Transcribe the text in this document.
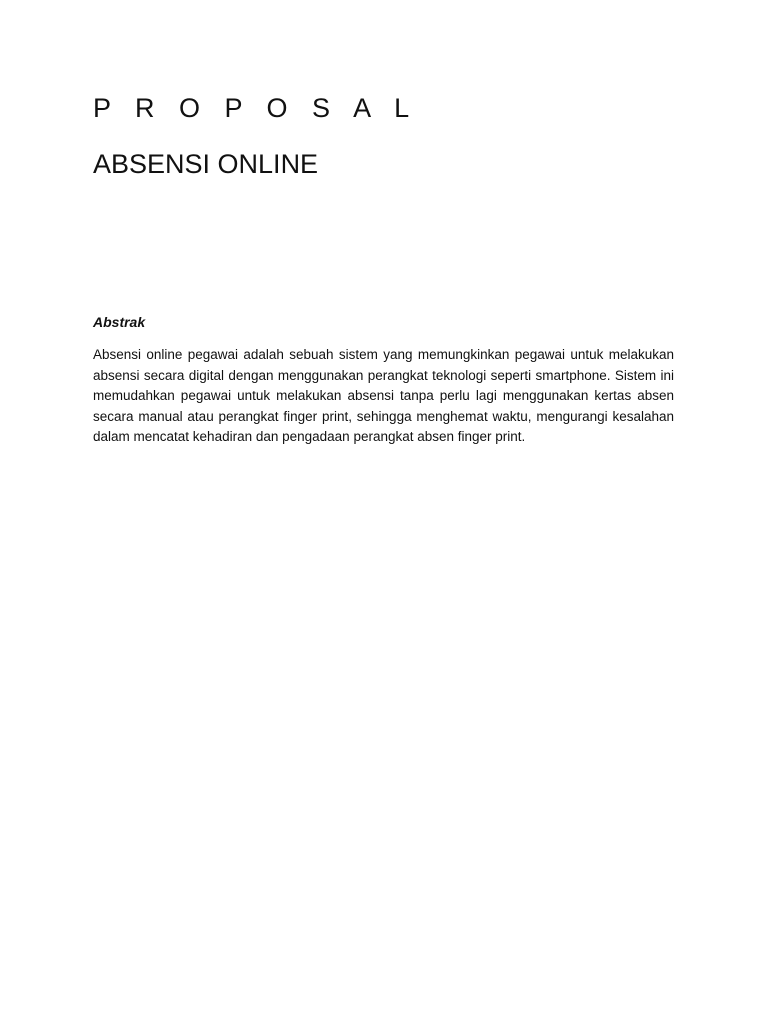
P R O P O S A L
ABSENSI ONLINE
Abstrak
Absensi online pegawai adalah sebuah sistem yang memungkinkan pegawai untuk melakukan absensi secara digital dengan menggunakan perangkat teknologi seperti smartphone. Sistem ini memudahkan pegawai untuk melakukan absensi tanpa perlu lagi menggunakan kertas absen secara manual atau perangkat finger print, sehingga menghemat waktu, mengurangi kesalahan dalam mencatat kehadiran dan pengadaan perangkat absen finger print.
